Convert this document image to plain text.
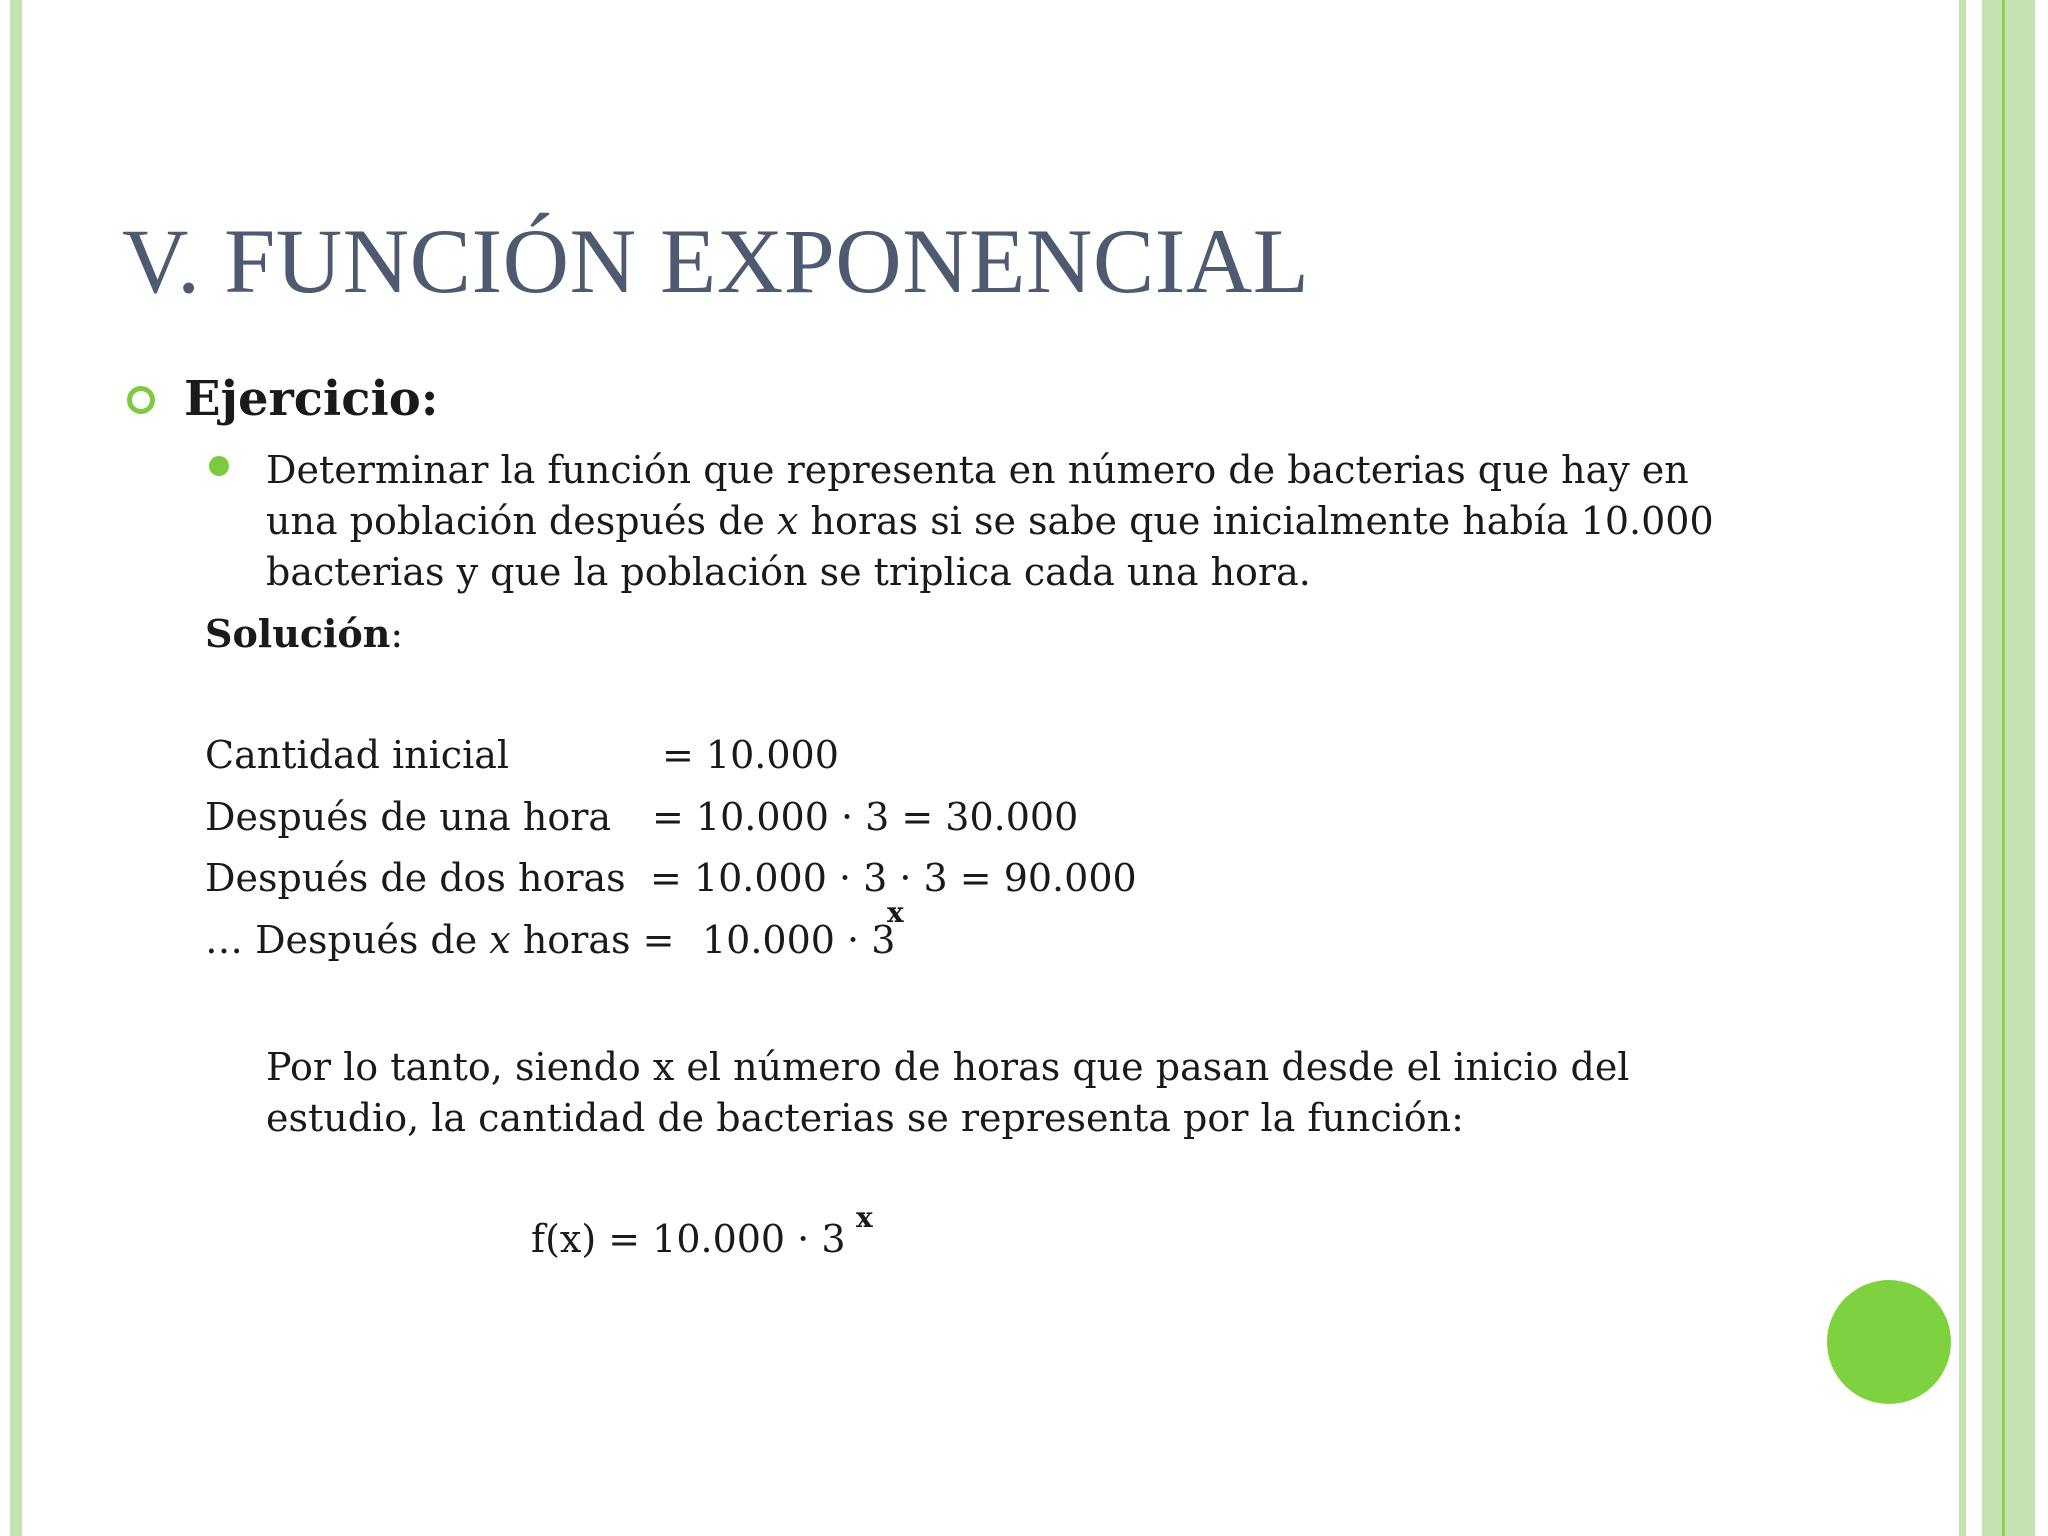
V. FUNCIÓN EXPONENCIAL
Ejercicio:
Determinar la función que representa en número de bacterias que hay en
una población después de x horas si se sabe que inicialmente había 10.000
bacterias y que la población se triplica cada una hora.
Solución:
Cantidad inicial	= 10.000
Después de una hora = 10.000 · 3 = 30.000
Después de dos horas = 10.000 · 3 · 3 = 90.000
… Después de x horas = 10.000 · 3
x
Por lo tanto, siendo x el número de horas que pasan desde el inicio del
estudio, la cantidad de bacterias se representa por la función:
f(x) = 10.000 · 3 x
